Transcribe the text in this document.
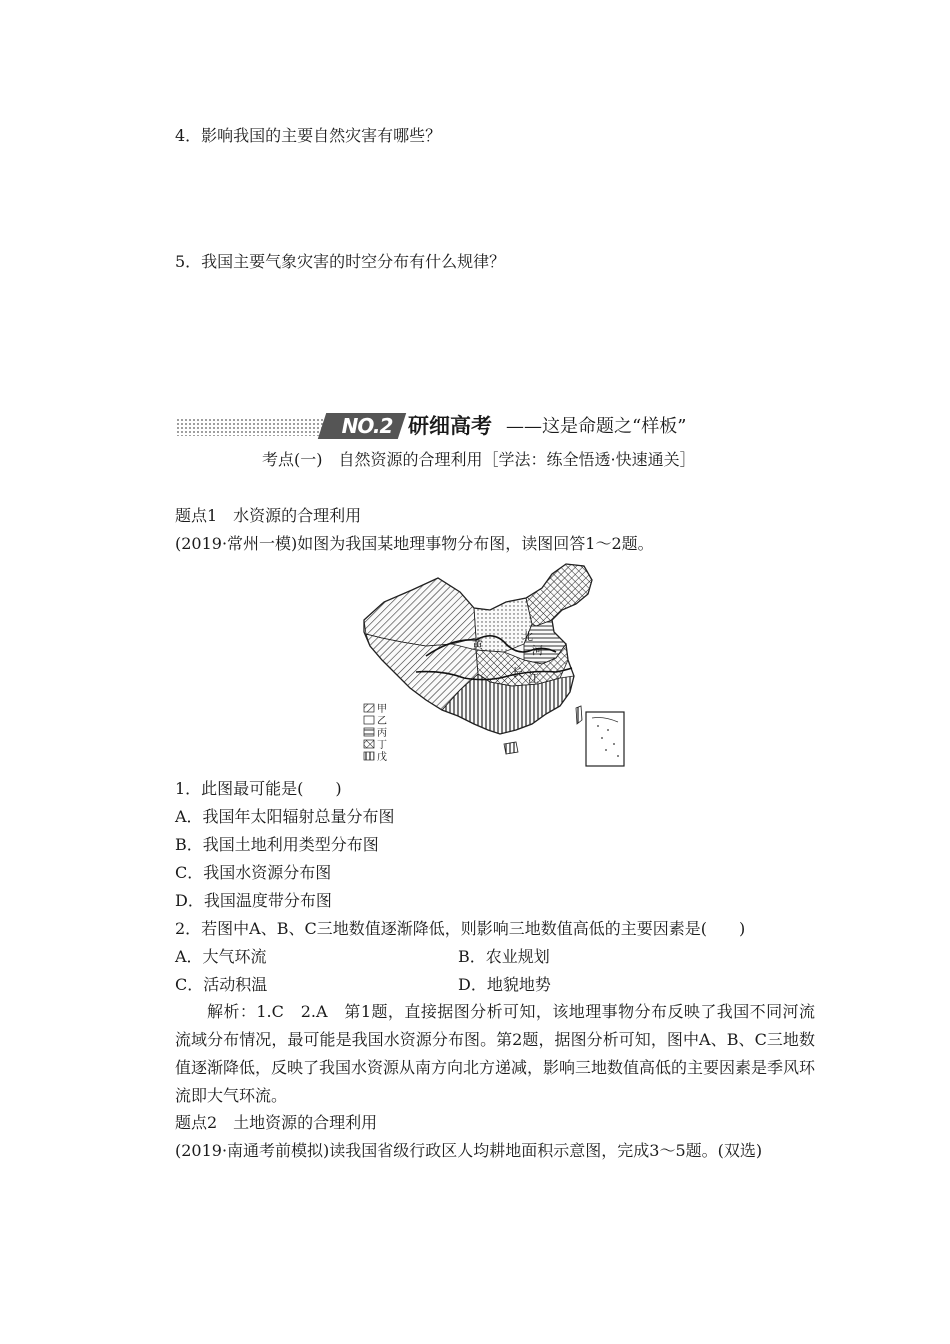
4．影响我国的主要自然灾害有哪些？
5．我国主要气象灾害的时空分布有什么规律？
NO.2 研细高考 ——这是命题之“样板”
考点(一)　自然资源的合理利用［学法：练全悟透·快速通关］
题点1　水资源的合理利用
(2019·常州一模)如图为我国某地理事物分布图，读图回答1～2题。
黄	河
长 江
北
甲
乙
丙
丁
戊
1．此图最可能是(　　)
A．我国年太阳辐射总量分布图
B．我国土地利用类型分布图
C．我国水资源分布图
D．我国温度带分布图
2．若图中A、B、C三地数值逐渐降低，则影响三地数值高低的主要因素是(　　)
A．大气环流	B．农业规划
C．活动积温	D．地貌地势
解析：1.C　2.A　第1题，直接据图分析可知，该地理事物分布反映了我国不同河流流域分布情况，最可能是我国水资源分布图。第2题，据图分析可知，图中A、B、C三地数值逐渐降低，反映了我国水资源从南方向北方递减，影响三地数值高低的主要因素是季风环流即大气环流。
题点2　土地资源的合理利用
(2019·南通考前模拟)读我国省级行政区人均耕地面积示意图，完成3～5题。(双选)
